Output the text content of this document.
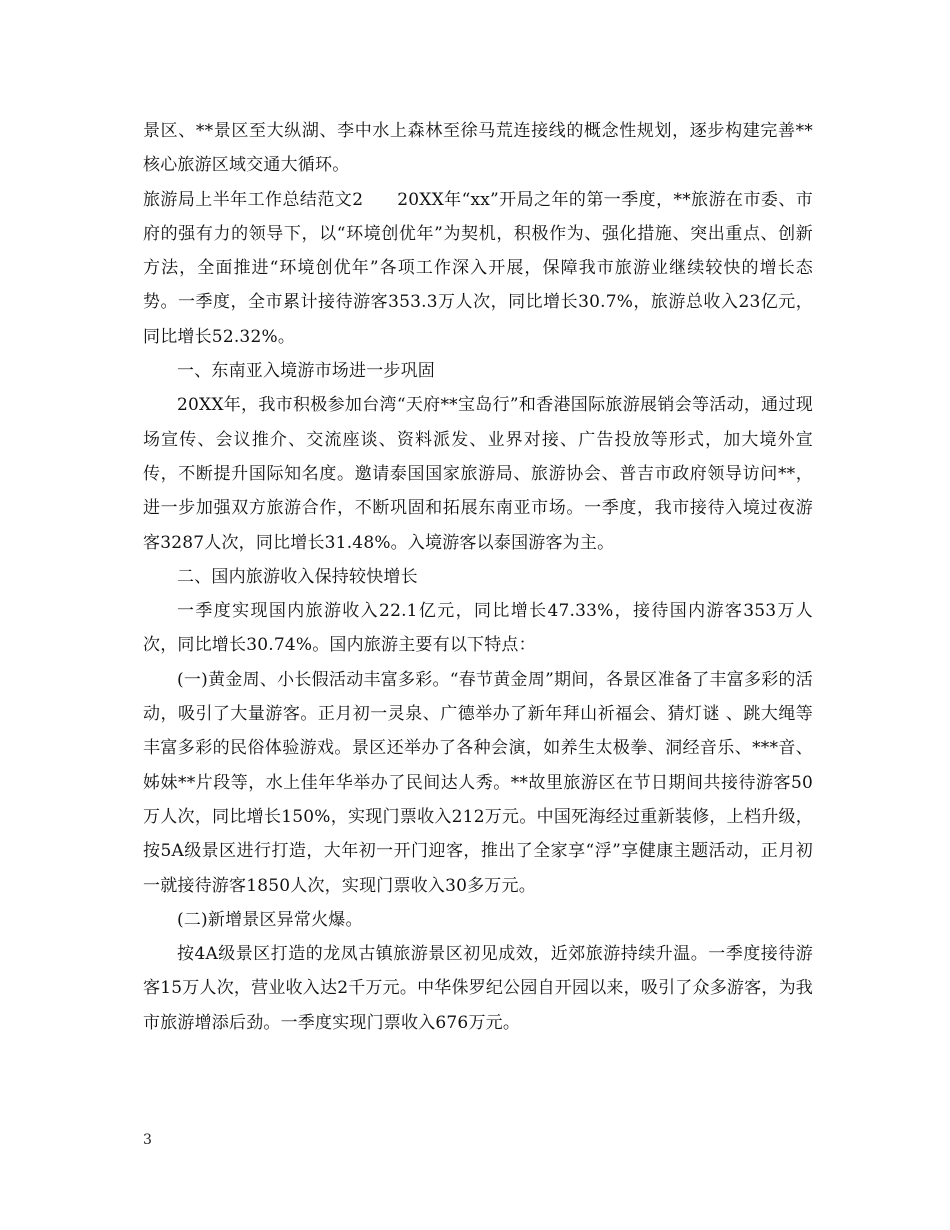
景区、**景区至大纵湖、李中水上森林至徐马荒连接线的概念性规划，逐步构建完善**核心旅游区域交通大循环。

旅游局上半年工作总结范文2 20XX年“xx”开局之年的第一季度，**旅游在市委、市府的强有力的领导下，以“环境创优年”为契机，积极作为、强化措施、突出重点、创新方法，全面推进“环境创优年”各项工作深入开展，保障我市旅游业继续较快的增长态势。一季度，全市累计接待游客353.3万人次，同比增长30.7%，旅游总收入23亿元，同比增长52.32%。

一、东南亚入境游市场进一步巩固

20XX年，我市积极参加台湾“天府**宝岛行”和香港国际旅游展销会等活动，通过现场宣传、会议推介、交流座谈、资料派发、业界对接、广告投放等形式，加大境外宣传，不断提升国际知名度。邀请泰国国家旅游局、旅游协会、普吉市政府领导访问**，进一步加强双方旅游合作，不断巩固和拓展东南亚市场。一季度，我市接待入境过夜游客3287人次，同比增长31.48%。入境游客以泰国游客为主。

二、国内旅游收入保持较快增长

一季度实现国内旅游收入22.1亿元，同比增长47.33%，接待国内游客353万人次，同比增长30.74%。国内旅游主要有以下特点：

(一)黄金周、小长假活动丰富多彩。“春节黄金周”期间，各景区准备了丰富多彩的活动，吸引了大量游客。正月初一灵泉、广德举办了新年拜山祈福会、猜灯谜 、跳大绳等丰富多彩的民俗体验游戏。景区还举办了各种会演，如养生太极拳、洞经音乐、***音、姊妹**片段等，水上佳年华举办了民间达人秀。**故里旅游区在节日期间共接待游客50万人次，同比增长150%，实现门票收入212万元。中国死海经过重新装修，上档升级，按5A级景区进行打造，大年初一开门迎客，推出了全家享“浮”享健康主题活动，正月初一就接待游客1850人次，实现门票收入30多万元。

(二)新增景区异常火爆。

按4A级景区打造的龙凤古镇旅游景区初见成效，近郊旅游持续升温。一季度接待游客15万人次，营业收入达2千万元。中华侏罗纪公园自开园以来，吸引了众多游客，为我市旅游增添后劲。一季度实现门票收入676万元。

3
